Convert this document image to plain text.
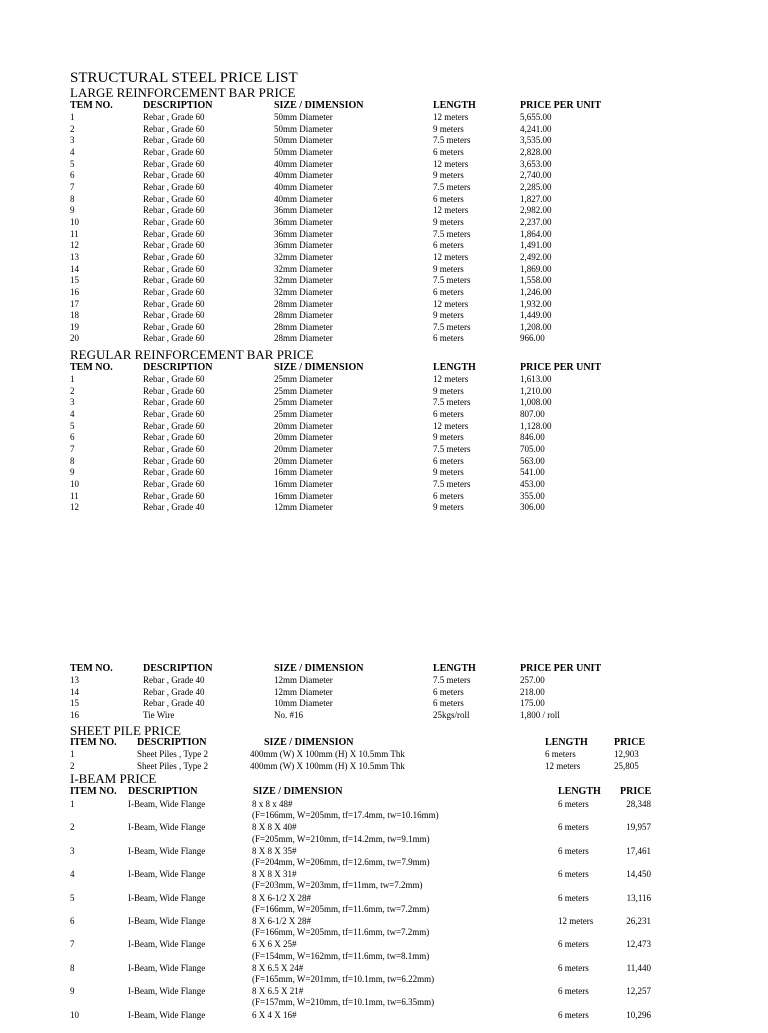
STRUCTURAL STEEL PRICE LIST
LARGE REINFORCEMENT BAR PRICE
TEM NO.	DESCRIPTION	SIZE / DIMENSION	LENGTH	PRICE PER UNIT
1	Rebar , Grade 60	50mm Diameter	12 meters	5,655.00
2	Rebar , Grade 60	50mm Diameter	9 meters	4,241.00
3	Rebar , Grade 60	50mm Diameter	7.5 meters	3,535.00
4	Rebar , Grade 60	50mm Diameter	6 meters	2,828.00
5	Rebar , Grade 60	40mm Diameter	12 meters	3,653.00
6	Rebar , Grade 60	40mm Diameter	9 meters	2,740.00
7	Rebar , Grade 60	40mm Diameter	7.5 meters	2,285.00
8	Rebar , Grade 60	40mm Diameter	6 meters	1,827.00
9	Rebar , Grade 60	36mm Diameter	12 meters	2,982.00
10	Rebar , Grade 60	36mm Diameter	9 meters	2,237.00
11	Rebar , Grade 60	36mm Diameter	7.5 meters	1,864.00
12	Rebar , Grade 60	36mm Diameter	6 meters	1,491.00
13	Rebar , Grade 60	32mm Diameter	12 meters	2,492.00
14	Rebar , Grade 60	32mm Diameter	9 meters	1,869.00
15	Rebar , Grade 60	32mm Diameter	7.5 meters	1,558.00
16	Rebar , Grade 60	32mm Diameter	6 meters	1,246.00
17	Rebar , Grade 60	28mm Diameter	12 meters	1,932.00
18	Rebar , Grade 60	28mm Diameter	9 meters	1,449.00
19	Rebar , Grade 60	28mm Diameter	7.5 meters	1,208.00
20	Rebar , Grade 60	28mm Diameter	6 meters	966.00
REGULAR REINFORCEMENT BAR PRICE
TEM NO.	DESCRIPTION	SIZE / DIMENSION	LENGTH	PRICE PER UNIT
1	Rebar , Grade 60	25mm Diameter	12 meters	1,613.00
2	Rebar , Grade 60	25mm Diameter	9 meters	1,210.00
3	Rebar , Grade 60	25mm Diameter	7.5 meters	1,008.00
4	Rebar , Grade 60	25mm Diameter	6 meters	807.00
5	Rebar , Grade 60	20mm Diameter	12 meters	1,128.00
6	Rebar , Grade 60	20mm Diameter	9 meters	846.00
7	Rebar , Grade 60	20mm Diameter	7.5 meters	705.00
8	Rebar , Grade 60	20mm Diameter	6 meters	563.00
9	Rebar , Grade 60	16mm Diameter	9 meters	541.00
10	Rebar , Grade 60	16mm Diameter	7.5 meters	453.00
11	Rebar , Grade 60	16mm Diameter	6 meters	355.00
12	Rebar , Grade 40	12mm Diameter	9 meters	306.00
TEM NO.	DESCRIPTION	SIZE / DIMENSION	LENGTH	PRICE PER UNIT
13	Rebar , Grade 40	12mm Diameter	7.5 meters	257.00
14	Rebar , Grade 40	12mm Diameter	6 meters	218.00
15	Rebar , Grade 40	10mm Diameter	6 meters	175.00
16	Tie Wire	No. #16	25kgs/roll	1,800 / roll
SHEET PILE PRICE
ITEM NO. DESCRIPTION	SIZE / DIMENSION	LENGTH	PRICE
1	Sheet Piles , Type 2	400mm (W) X 100mm (H) X 10.5mm Thk	6 meters	12,903
2	Sheet Piles , Type 2	400mm (W) X 100mm (H) X 10.5mm Thk	12 meters	25,805
I-BEAM PRICE
ITEM NO. DESCRIPTION	SIZE / DIMENSION	LENGTH PRICE
1	I-Beam, Wide Flange	8 x 8 x 48#
(F=166mm, W=205mm, tf=17.4mm, tw=10.16mm)
6 meters	28,348
2	I-Beam, Wide Flange	8 X 8 X 40#
(F=205mm, W=210mm, tf=14.2mm, tw=9.1mm)
6 meters	19,957
3	I-Beam, Wide Flange	8 X 8 X 35#
(F=204mm, W=206mm, tf=12.6mm, tw=7.9mm)
6 meters	17,461
4	I-Beam, Wide Flange	8 X 8 X 31#
(F=203mm, W=203mm, tf=11mm, tw=7.2mm)
6 meters	14,450
5	I-Beam, Wide Flange	8 X 6-1/2 X 28#
(F=166mm, W=205mm, tf=11.6mm, tw=7.2mm)
6 meters	13,116
6	I-Beam, Wide Flange	8 X 6-1/2 X 28#
(F=166mm, W=205mm, tf=11.6mm, tw=7.2mm)
12 meters	26,231
7	I-Beam, Wide Flange	6 X 6 X 25#
(F=154mm, W=162mm, tf=11.6mm, tw=8.1mm)
6 meters	12,473
8	I-Beam, Wide Flange	8 X 6.5 X 24#
(F=165mm, W=201mm, tf=10.1mm, tw=6.22mm)
6 meters	11,440
9	I-Beam, Wide Flange	8 X 6.5 X 21#
(F=157mm, W=210mm, tf=10.1mm, tw=6.35mm)
6 meters	12,257
10	I-Beam, Wide Flange	6 X 4 X 16#	6 meters	10,296
